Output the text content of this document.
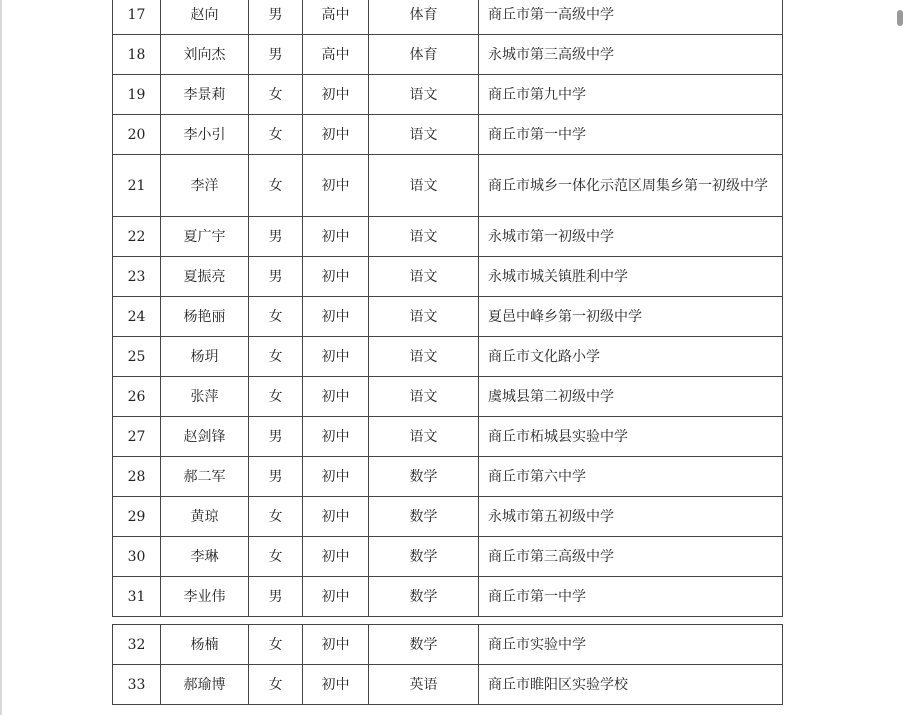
17	赵向	男	高中	体育	商丘市第一高级中学
18	刘向杰	男	高中	体育	永城市第三高级中学
19	李景莉	女	初中	语文	商丘市第九中学
20	李小引	女	初中	语文	商丘市第一中学
21	李洋	女	初中	语文	商丘市城乡一体化示范区周集乡第一初级中学
22	夏广宇	男	初中	语文	永城市第一初级中学
23	夏振亮	男	初中	语文	永城市城关镇胜利中学
24	杨艳丽	女	初中	语文	夏邑中峰乡第一初级中学
25	杨玥	女	初中	语文	商丘市文化路小学
26	张萍	女	初中	语文	虞城县第二初级中学
27	赵剑锋	男	初中	语文	商丘市柘城县实验中学
28	郝二军	男	初中	数学	商丘市第六中学
29	黄琼	女	初中	数学	永城市第五初级中学
30	李琳	女	初中	数学	商丘市第三高级中学
31	李业伟	男	初中	数学	商丘市第一中学
32	杨楠	女	初中	数学	商丘市实验中学
33	郝瑜博	女	初中	英语	商丘市睢阳区实验学校
